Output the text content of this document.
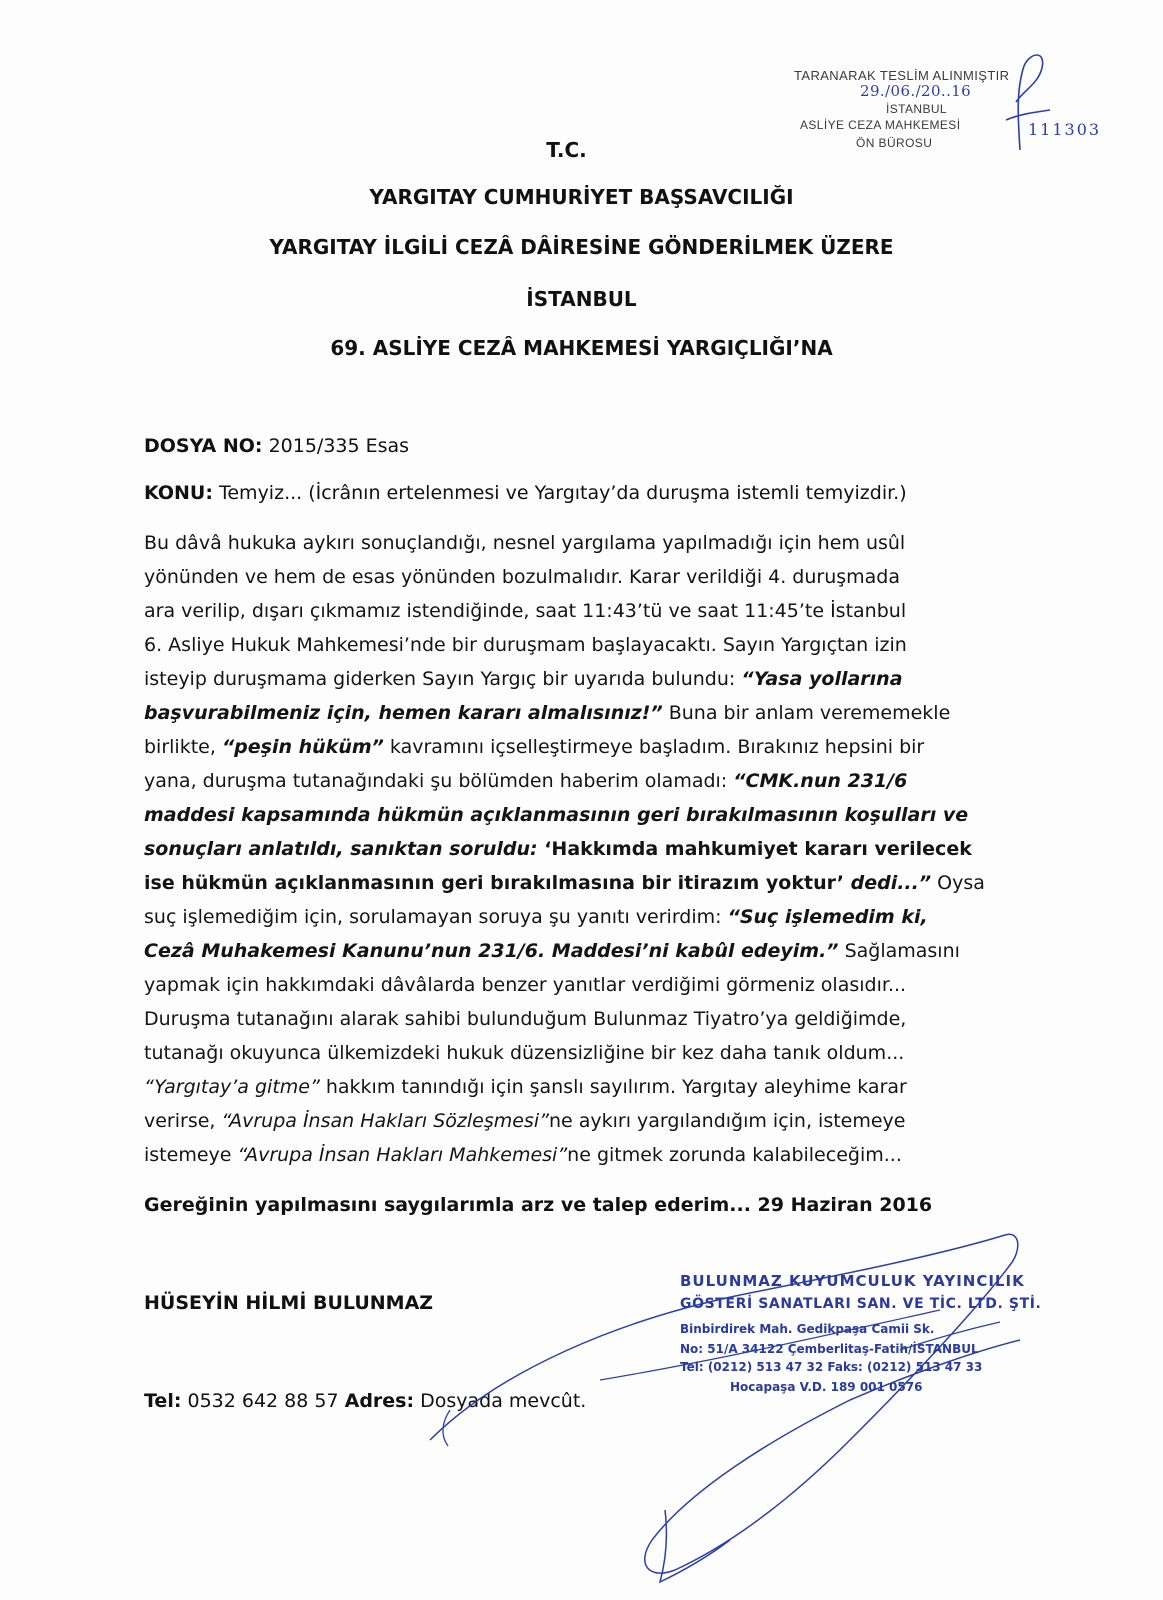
TARANARAK TESLİM ALINMIŞTIR
29./06./20..16
İSTANBUL
ASLİYE CEZA MAHKEMESİ
ÖN BÜROSU
111303
T.C.
YARGITAY CUMHURİYET BAŞSAVCILIĞI
YARGITAY İLGİLİ CEZÂ DÂİRESİNE GÖNDERİLMEK ÜZERE
İSTANBUL
69. ASLİYE CEZÂ MAHKEMESİ YARGIÇLIĞI’NA
DOSYA NO: 2015/335 Esas
KONU: Temyiz... (İcrânın ertelenmesi ve Yargıtay’da duruşma istemli temyizdir.)
Bu dâvâ hukuka aykırı sonuçlandığı, nesnel yargılama yapılmadığı için hem usûl
yönünden ve hem de esas yönünden bozulmalıdır. Karar verildiği 4. duruşmada
ara verilip, dışarı çıkmamız istendiğinde, saat 11:43’tü ve saat 11:45’te İstanbul
6. Asliye Hukuk Mahkemesi’nde bir duruşmam başlayacaktı. Sayın Yargıçtan izin
isteyip duruşmama giderken Sayın Yargıç bir uyarıda bulundu: “Yasa yollarına
başvurabilmeniz için, hemen kararı almalısınız!” Buna bir anlam verememekle
birlikte, “peşin hüküm” kavramını içselleştirmeye başladım. Bırakınız hepsini bir
yana, duruşma tutanağındaki şu bölümden haberim olamadı: “CMK.nun 231/6
maddesi kapsamında hükmün açıklanmasının geri bırakılmasının koşulları ve
sonuçları anlatıldı, sanıktan soruldu: ‘Hakkımda mahkumiyet kararı verilecek
ise hükmün açıklanmasının geri bırakılmasına bir itirazım yoktur’ dedi...” Oysa
suç işlemediğim için, sorulamayan soruya şu yanıtı verirdim: “Suç işlemedim ki,
Cezâ Muhakemesi Kanunu’nun 231/6. Maddesi’ni kabûl edeyim.” Sağlamasını
yapmak için hakkımdaki dâvâlarda benzer yanıtlar verdiğimi görmeniz olasıdır...
Duruşma tutanağını alarak sahibi bulunduğum Bulunmaz Tiyatro’ya geldiğimde,
tutanağı okuyunca ülkemizdeki hukuk düzensizliğine bir kez daha tanık oldum...
“Yargıtay’a gitme” hakkım tanındığı için şanslı sayılırım. Yargıtay aleyhime karar
verirse, “Avrupa İnsan Hakları Sözleşmesi”ne aykırı yargılandığım için, istemeye
istemeye “Avrupa İnsan Hakları Mahkemesi”ne gitmek zorunda kalabileceğim...
Gereğinin yapılmasını saygılarımla arz ve talep ederim... 29 Haziran 2016
HÜSEYİN HİLMİ BULUNMAZ
Tel: 0532 642 88 57 Adres: Dosyada mevcût.
BULUNMAZ KUYUMCULUK YAYINCILIK
GÖSTERİ SANATLARI SAN. VE TİC. LTD. ŞTİ.
Binbirdirek Mah. Gedikpaşa Camii Sk.
No: 51/A 34122 Çemberlitaş-Fatih/İSTANBUL
Tel: (0212) 513 47 32 Faks: (0212) 513 47 33
Hocapaşa V.D. 189 001 0576
